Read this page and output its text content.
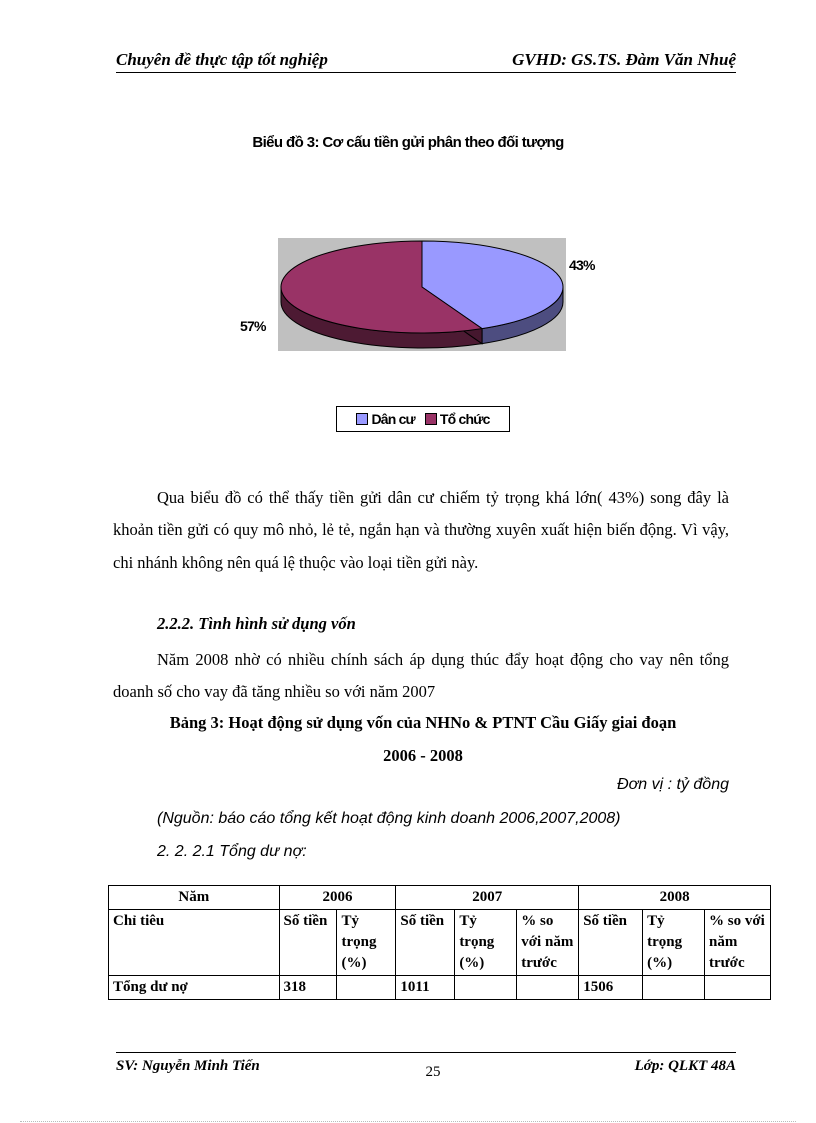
Chuyên đề thực tập tốt nghiệp	GVHD: GS.TS. Đàm Văn Nhuệ
Biểu đồ 3: Cơ cấu tiền gửi phân theo đối tượng
43%
57%
Dân cư Tổ chức
Qua biểu đồ có thể thấy tiền gửi dân cư chiếm tỷ trọng khá lớn( 43%) song đây là khoản tiền gửi có quy mô nhỏ, lẻ tẻ, ngắn hạn và thường xuyên xuất hiện biến động. Vì vậy, chi nhánh không nên quá lệ thuộc vào loại tiền gửi này.
2.2.2. Tình hình sử dụng vốn
Năm 2008 nhờ có nhiều chính sách áp dụng thúc đẩy hoạt động cho vay nên tổng doanh số cho vay đã tăng nhiều so với năm 2007
Bảng 3: Hoạt động sử dụng vốn của NHNo & PTNT Cầu Giấy giai đoạn
2006 - 2008
Đơn vị : tỷ đồng
(Nguồn: báo cáo tổng kết hoạt động kinh doanh 2006,2007,2008)
2. 2. 2.1 Tổng dư nợ:
Năm	2006		2007			2008		
Chỉ tiêu	Số tiền	Tỷ trọng (%)	Số tiền	Tỷ trọng (%)	% so với năm trước	Số tiền	Tỷ trọng (%)	% so với năm trước
Tổng dư nợ	318		1011			1506		
SV: Nguyễn Minh Tiến	25	Lớp: QLKT 48A
